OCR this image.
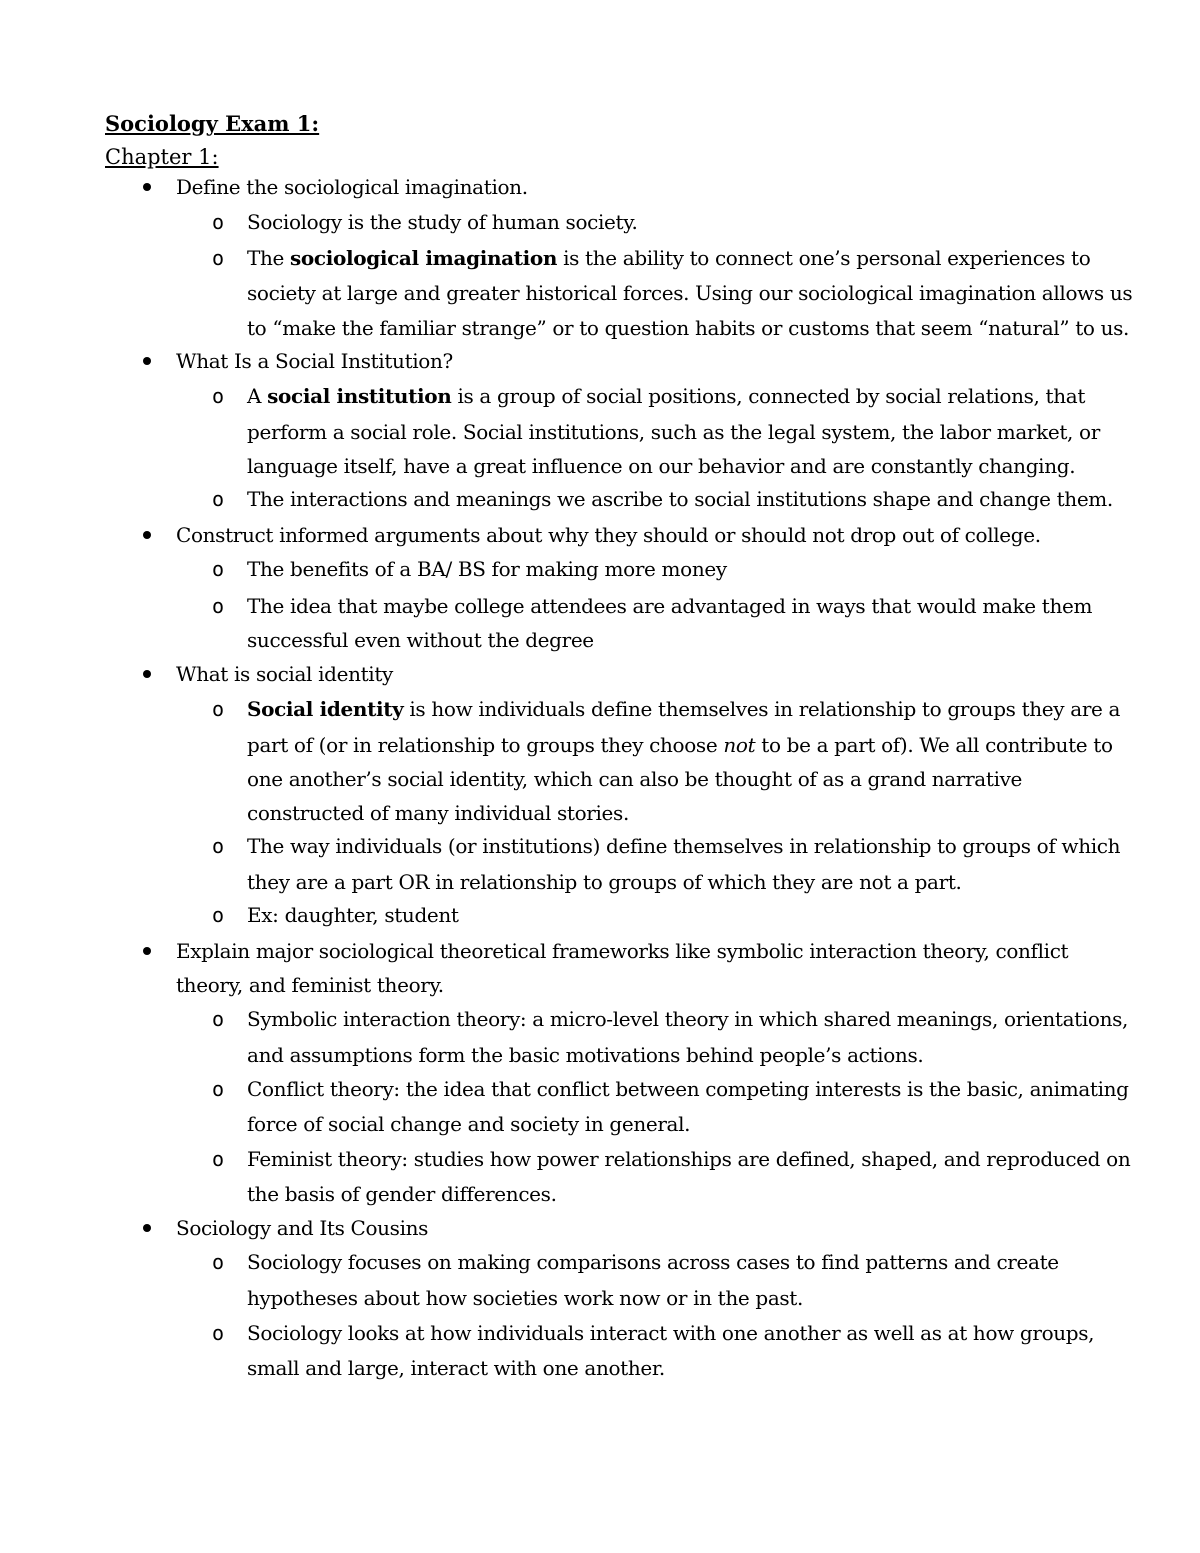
Sociology Exam 1:
Chapter 1:
Define the sociological imagination.
o Sociology is the study of human society.
o The sociological imagination is the ability to connect one’s personal experiences to
society at large and greater historical forces. Using our sociological imagination allows us
to “make the familiar strange” or to question habits or customs that seem “natural” to us.
What Is a Social Institution?
o A social institution is a group of social positions, connected by social relations, that
perform a social role. Social institutions, such as the legal system, the labor market, or
language itself, have a great influence on our behavior and are constantly changing.
o The interactions and meanings we ascribe to social institutions shape and change them.
Construct informed arguments about why they should or should not drop out of college.
o The benefits of a BA/ BS for making more money
o The idea that maybe college attendees are advantaged in ways that would make them
successful even without the degree
What is social identity
o Social identity is how individuals define themselves in relationship to groups they are a
part of (or in relationship to groups they choose not to be a part of). We all contribute to
one another’s social identity, which can also be thought of as a grand narrative
constructed of many individual stories.
o The way individuals (or institutions) define themselves in relationship to groups of which
they are a part OR in relationship to groups of which they are not a part.
o Ex: daughter, student
Explain major sociological theoretical frameworks like symbolic interaction theory, conflict
theory, and feminist theory.
o Symbolic interaction theory: a micro-level theory in which shared meanings, orientations,
and assumptions form the basic motivations behind people’s actions.
o Conflict theory: the idea that conflict between competing interests is the basic, animating
force of social change and society in general.
o Feminist theory: studies how power relationships are defined, shaped, and reproduced on
the basis of gender differences.
Sociology and Its Cousins
o Sociology focuses on making comparisons across cases to find patterns and create
hypotheses about how societies work now or in the past.
o Sociology looks at how individuals interact with one another as well as at how groups,
small and large, interact with one another.
